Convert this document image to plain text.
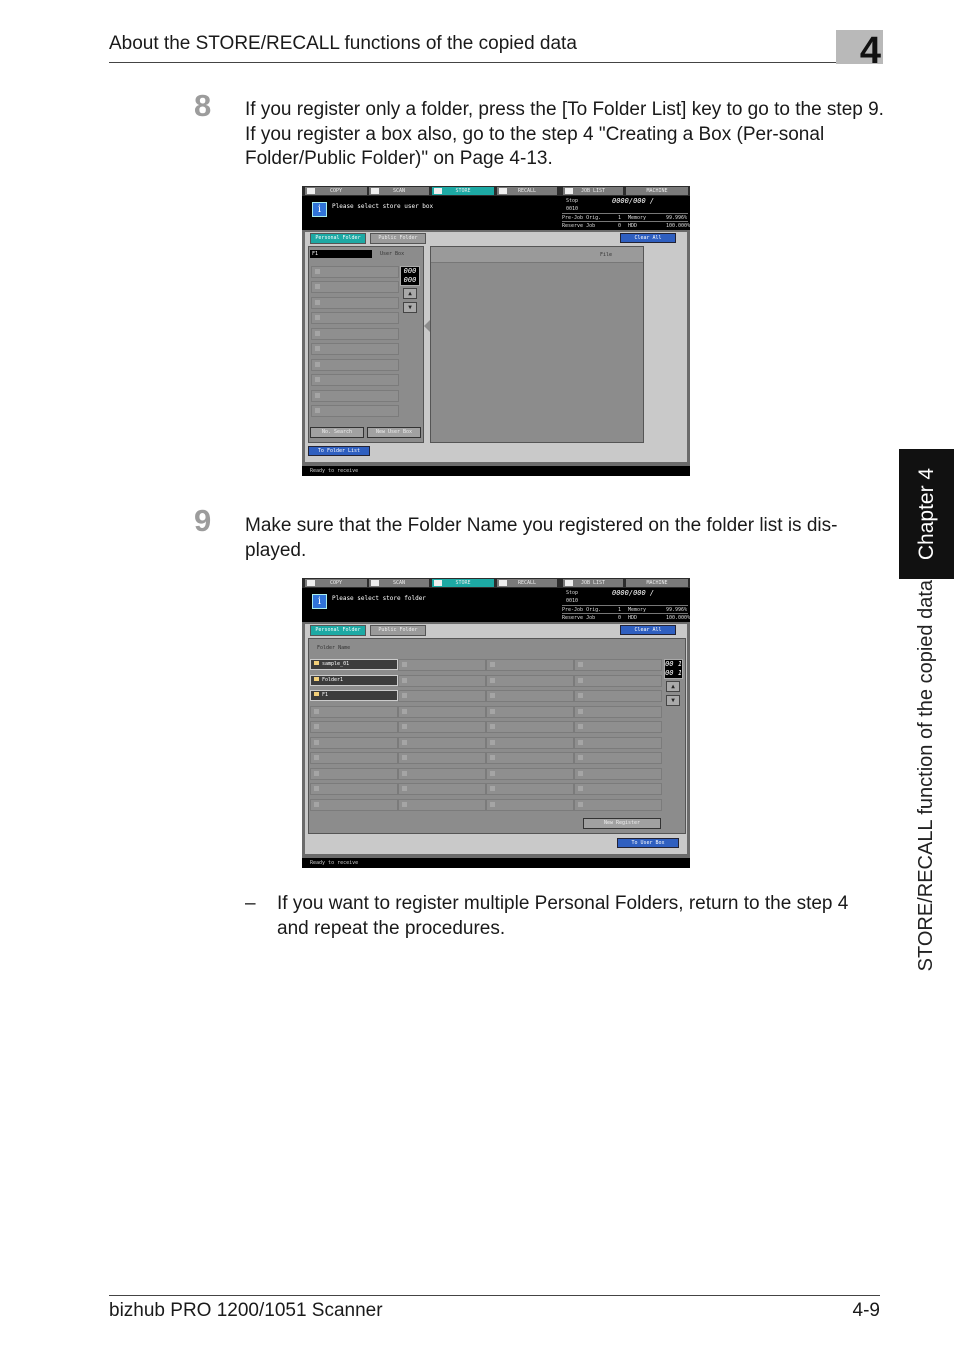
About the STORE/RECALL functions of the copied data	4
Chapter 4
STORE/RECALL function of the copied data
8 If you register only a folder, press the [To Folder List] key to go to the step 9. If you register a box also, go to the step 4 "Creating a Box (Per-sonal Folder/Public Folder)" on Page 4-13.
COPY	SCAN	STORE	RECALL	JOB LIST	MACHINE
i	Please select store user box
Stop	0000/000 /
0010
Pre-Job Orig.	1 Memory	99.996%
Reserve Job	0 HDD	100.000%
Personal Folder	Public Folder	Clear All
F1	User Box
000
000
▲
▼
No. Search	New User Box
File
To Folder List
Ready to receive
9 Make sure that the Folder Name you registered on the folder list is dis-played.
COPY	SCAN	STORE	RECALL	JOB LIST	MACHINE
i	Please select store folder
Stop	0000/000 /
0010
Pre-Job Orig.	1 Memory	99.996%
Reserve Job	0 HDD	100.000%
Personal Folder	Public Folder	Clear All
Folder Name
sample_01
Folder1
F1
00 1
00 1
▲
▼
New Register
To User Box
Ready to receive
– If you want to register multiple Personal Folders, return to the step 4 and repeat the procedures.
bizhub PRO 1200/1051 Scanner	4-9
